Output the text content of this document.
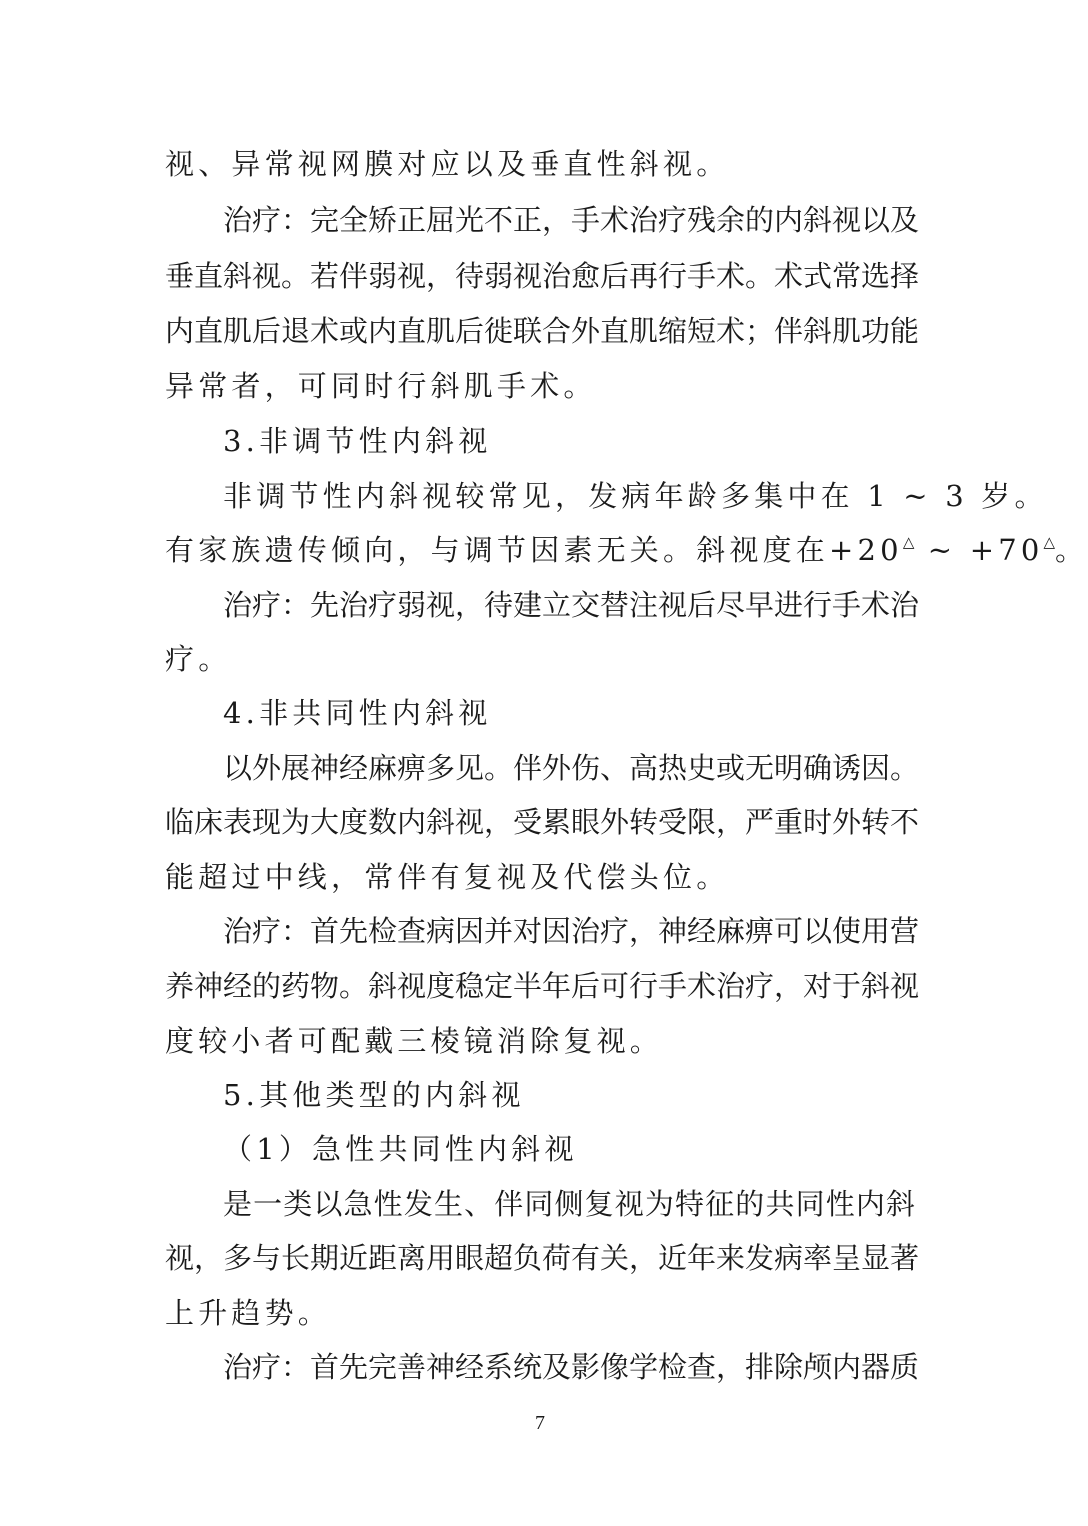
视、异常视网膜对应以及垂直性斜视。
治疗：完全矫正屈光不正，手术治疗残余的内斜视以及
垂直斜视。若伴弱视，待弱视治愈后再行手术。术式常选择
内直肌后退术或内直肌后徙联合外直肌缩短术；伴斜肌功能
异常者，可同时行斜肌手术。
3.非调节性内斜视
非调节性内斜视较常见，发病年龄多集中在 1 ~ 3 岁。
有家族遗传倾向，与调节因素无关。斜视度在+20△ ~ +70△。
治疗：先治疗弱视，待建立交替注视后尽早进行手术治
疗。
4.非共同性内斜视
以外展神经麻痹多见。伴外伤、高热史或无明确诱因。
临床表现为大度数内斜视，受累眼外转受限，严重时外转不
能超过中线，常伴有复视及代偿头位。
治疗：首先检查病因并对因治疗，神经麻痹可以使用营
养神经的药物。斜视度稳定半年后可行手术治疗，对于斜视
度较小者可配戴三棱镜消除复视。
5.其他类型的内斜视
（1）急性共同性内斜视
是一类以急性发生、伴同侧复视为特征的共同性内斜
视，多与长期近距离用眼超负荷有关，近年来发病率呈显著
上升趋势。
治疗：首先完善神经系统及影像学检查，排除颅内器质
7
